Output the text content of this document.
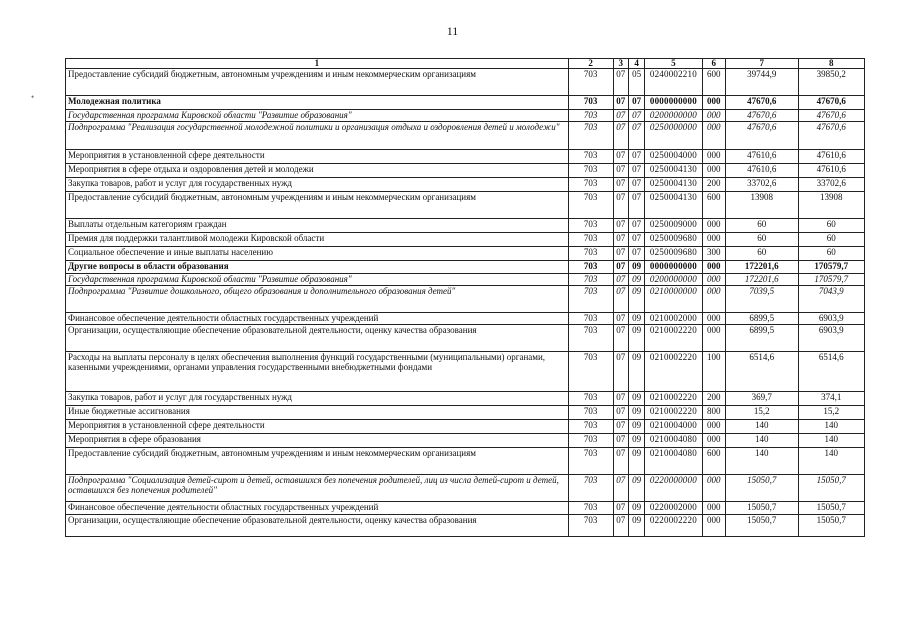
11
1	2	3	4	5	6	7	8
Предоставление субсидий бюджетным, автономным учреждениям и иным некоммерческим организациям	703	07	05	0240002210	600	39744,9	39850,2
Молодежная политика	703	07	07	0000000000	000	47670,6	47670,6
Государственная программа Кировской области "Развитие образования"	703	07	07	0200000000	000	47670,6	47670,6
Подпрограмма "Реализация государственной молодежной политики и организация отдыха и оздоровления детей и молодежи"	703	07	07	0250000000	000	47670,6	47670,6
Мероприятия в установленной сфере деятельности	703	07	07	0250004000	000	47610,6	47610,6
Мероприятия в сфере отдыха и оздоровления детей и молодежи	703	07	07	0250004130	000	47610,6	47610,6
Закупка товаров, работ и услуг для государственных нужд	703	07	07	0250004130	200	33702,6	33702,6
Предоставление субсидий бюджетным, автономным учреждениям и иным некоммерческим организациям	703	07	07	0250004130	600	13908	13908
Выплаты отдельным категориям граждан	703	07	07	0250009000	000	60	60
Премия для поддержки талантливой молодежи Кировской области	703	07	07	0250009680	000	60	60
Социальное обеспечение и иные выплаты населению	703	07	07	0250009680	300	60	60
Другие вопросы в области образования	703	07	09	0000000000	000	172201,6	170579,7
Государственная программа Кировской области "Развитие образования"	703	07	09	0200000000	000	172201,6	170579,7
Подпрограмма "Развитие дошкольного, общего образования и дополнительного образования детей"	703	07	09	0210000000	000	7039,5	7043,9
Финансовое обеспечение деятельности областных государственных учреждений	703	07	09	0210002000	000	6899,5	6903,9
Организации, осуществляющие обеспечение образовательной деятельности, оценку качества образования	703	07	09	0210002220	000	6899,5	6903,9
Расходы на выплаты персоналу в целях обеспечения выполнения функций государственными (муниципальными) органами, казенными учреждениями, органами управления государственными внебюджетными фондами	703	07	09	0210002220	100	6514,6	6514,6
Закупка товаров, работ и услуг для государственных нужд	703	07	09	0210002220	200	369,7	374,1
Иные бюджетные ассигнования	703	07	09	0210002220	800	15,2	15,2
Мероприятия в установленной сфере деятельности	703	07	09	0210004000	000	140	140
Мероприятия в сфере образования	703	07	09	0210004080	000	140	140
Предоставление субсидий бюджетным, автономным учреждениям и иным некоммерческим организациям	703	07	09	0210004080	600	140	140
Подпрограмма "Социализация детей-сирот и детей, оставшихся без попечения родителей, лиц из числа детей-сирот и детей, оставшихся без попечения родителей"	703	07	09	0220000000	000	15050,7	15050,7
Финансовое обеспечение деятельности областных государственных учреждений	703	07	09	0220002000	000	15050,7	15050,7
Организации, осуществляющие обеспечение образовательной деятельности, оценку качества образования	703	07	09	0220002220	000	15050,7	15050,7
•
